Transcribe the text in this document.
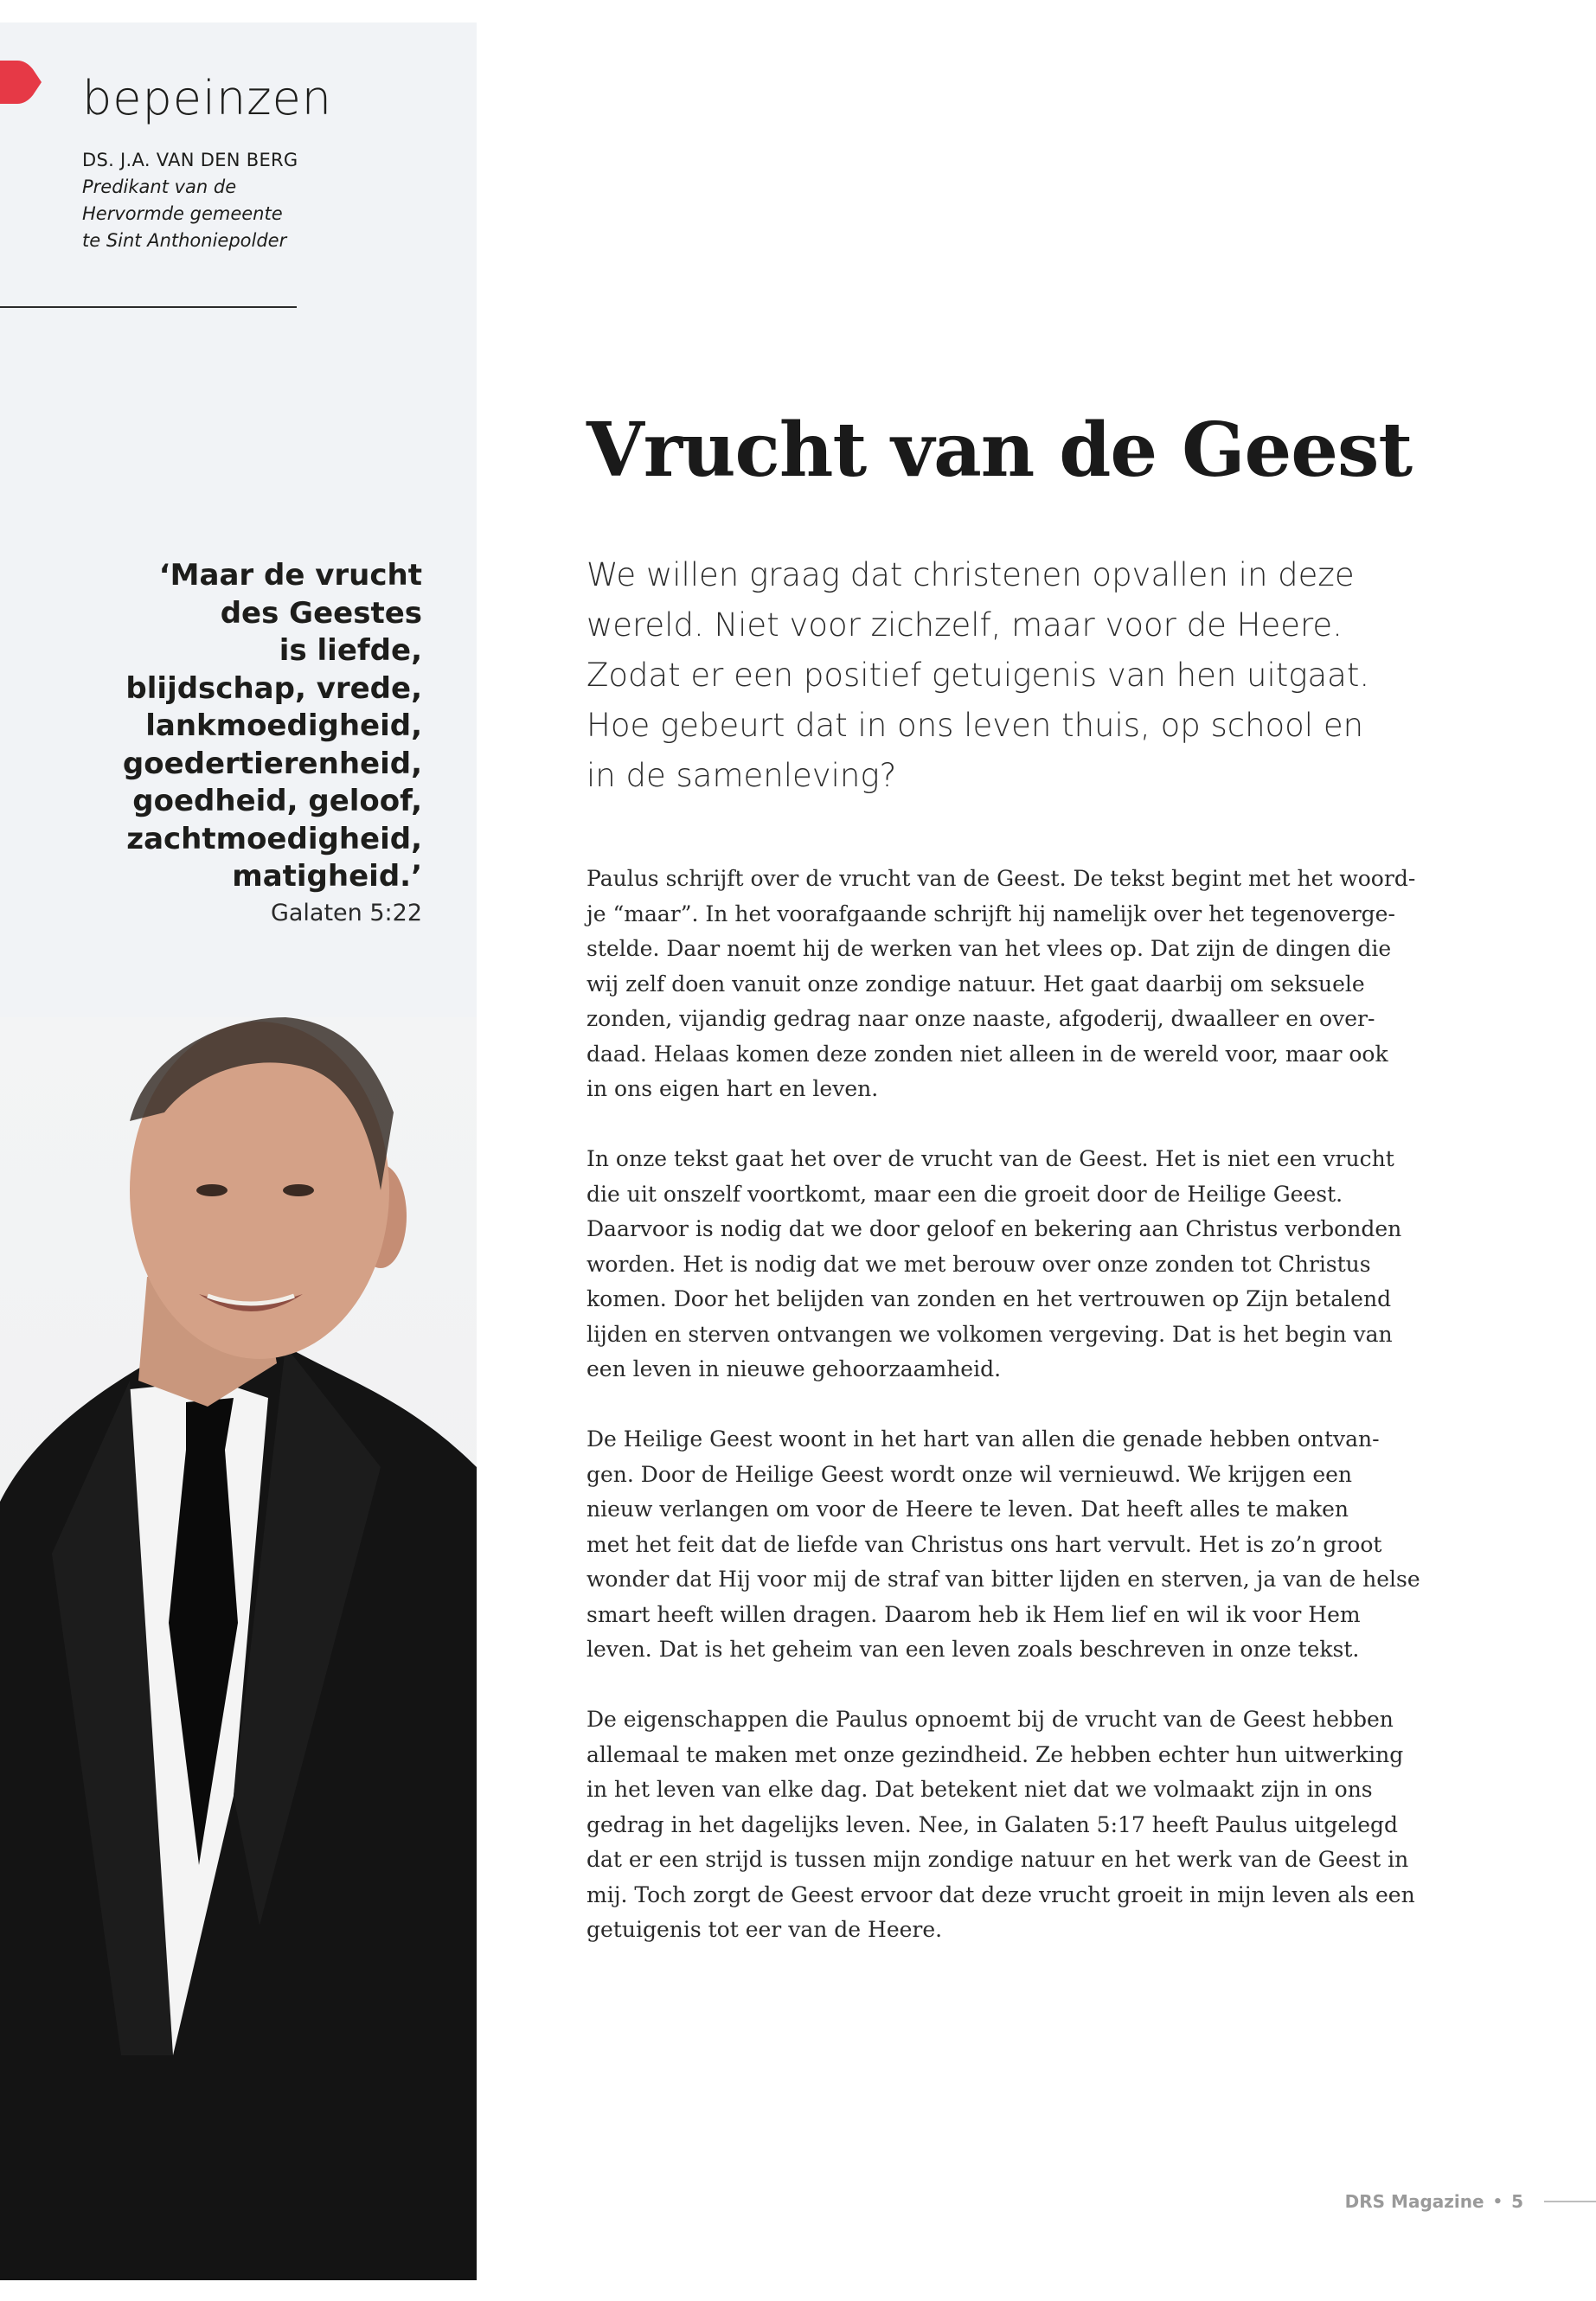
bepeinzen
DS. J.A. VAN DEN BERG
Predikant van de
Hervormde gemeente
te Sint Anthoniepolder
‘Maar de vrucht
des Geestes
is liefde,
blijdschap, vrede,
lankmoedigheid,
goedertierenheid,
goedheid, geloof,
zachtmoedigheid,
matigheid.’
Galaten 5:22
Vrucht van de Geest
We willen graag dat christenen opvallen in deze
wereld. Niet voor zichzelf, maar voor de Heere.
Zodat er een positief getuigenis van hen uitgaat.
Hoe gebeurt dat in ons leven thuis, op school en
in de samenleving?

Paulus schrijft over de vrucht van de Geest. De tekst begint met het woord-
je “maar”. In het voorafgaande schrijft hij namelijk over het tegenoverge-
stelde. Daar noemt hij de werken van het vlees op. Dat zijn de dingen die
wij zelf doen vanuit onze zondige natuur. Het gaat daarbij om seksuele
zonden, vijandig gedrag naar onze naaste, afgoderij, dwaalleer en over-
daad. Helaas komen deze zonden niet alleen in de wereld voor, maar ook
in ons eigen hart en leven.

In onze tekst gaat het over de vrucht van de Geest. Het is niet een vrucht
die uit onszelf voortkomt, maar een die groeit door de Heilige Geest.
Daarvoor is nodig dat we door geloof en bekering aan Christus verbonden
worden. Het is nodig dat we met berouw over onze zonden tot Christus
komen. Door het belijden van zonden en het vertrouwen op Zijn betalend
lijden en sterven ontvangen we volkomen vergeving. Dat is het begin van
een leven in nieuwe gehoorzaamheid.

De Heilige Geest woont in het hart van allen die genade hebben ontvan-
gen. Door de Heilige Geest wordt onze wil vernieuwd. We krijgen een
nieuw verlangen om voor de Heere te leven. Dat heeft alles te maken
met het feit dat de liefde van Christus ons hart vervult. Het is zo’n groot
wonder dat Hij voor mij de straf van bitter lijden en sterven, ja van de helse
smart heeft willen dragen. Daarom heb ik Hem lief en wil ik voor Hem
leven. Dat is het geheim van een leven zoals beschreven in onze tekst.

De eigenschappen die Paulus opnoemt bij de vrucht van de Geest hebben
allemaal te maken met onze gezindheid. Ze hebben echter hun uitwerking
in het leven van elke dag. Dat betekent niet dat we volmaakt zijn in ons
gedrag in het dagelijks leven. Nee, in Galaten 5:17 heeft Paulus uitgelegd
dat er een strijd is tussen mijn zondige natuur en het werk van de Geest in
mij. Toch zorgt de Geest ervoor dat deze vrucht groeit in mijn leven als een
getuigenis tot eer van de Heere.

DRS Magazine • 5
